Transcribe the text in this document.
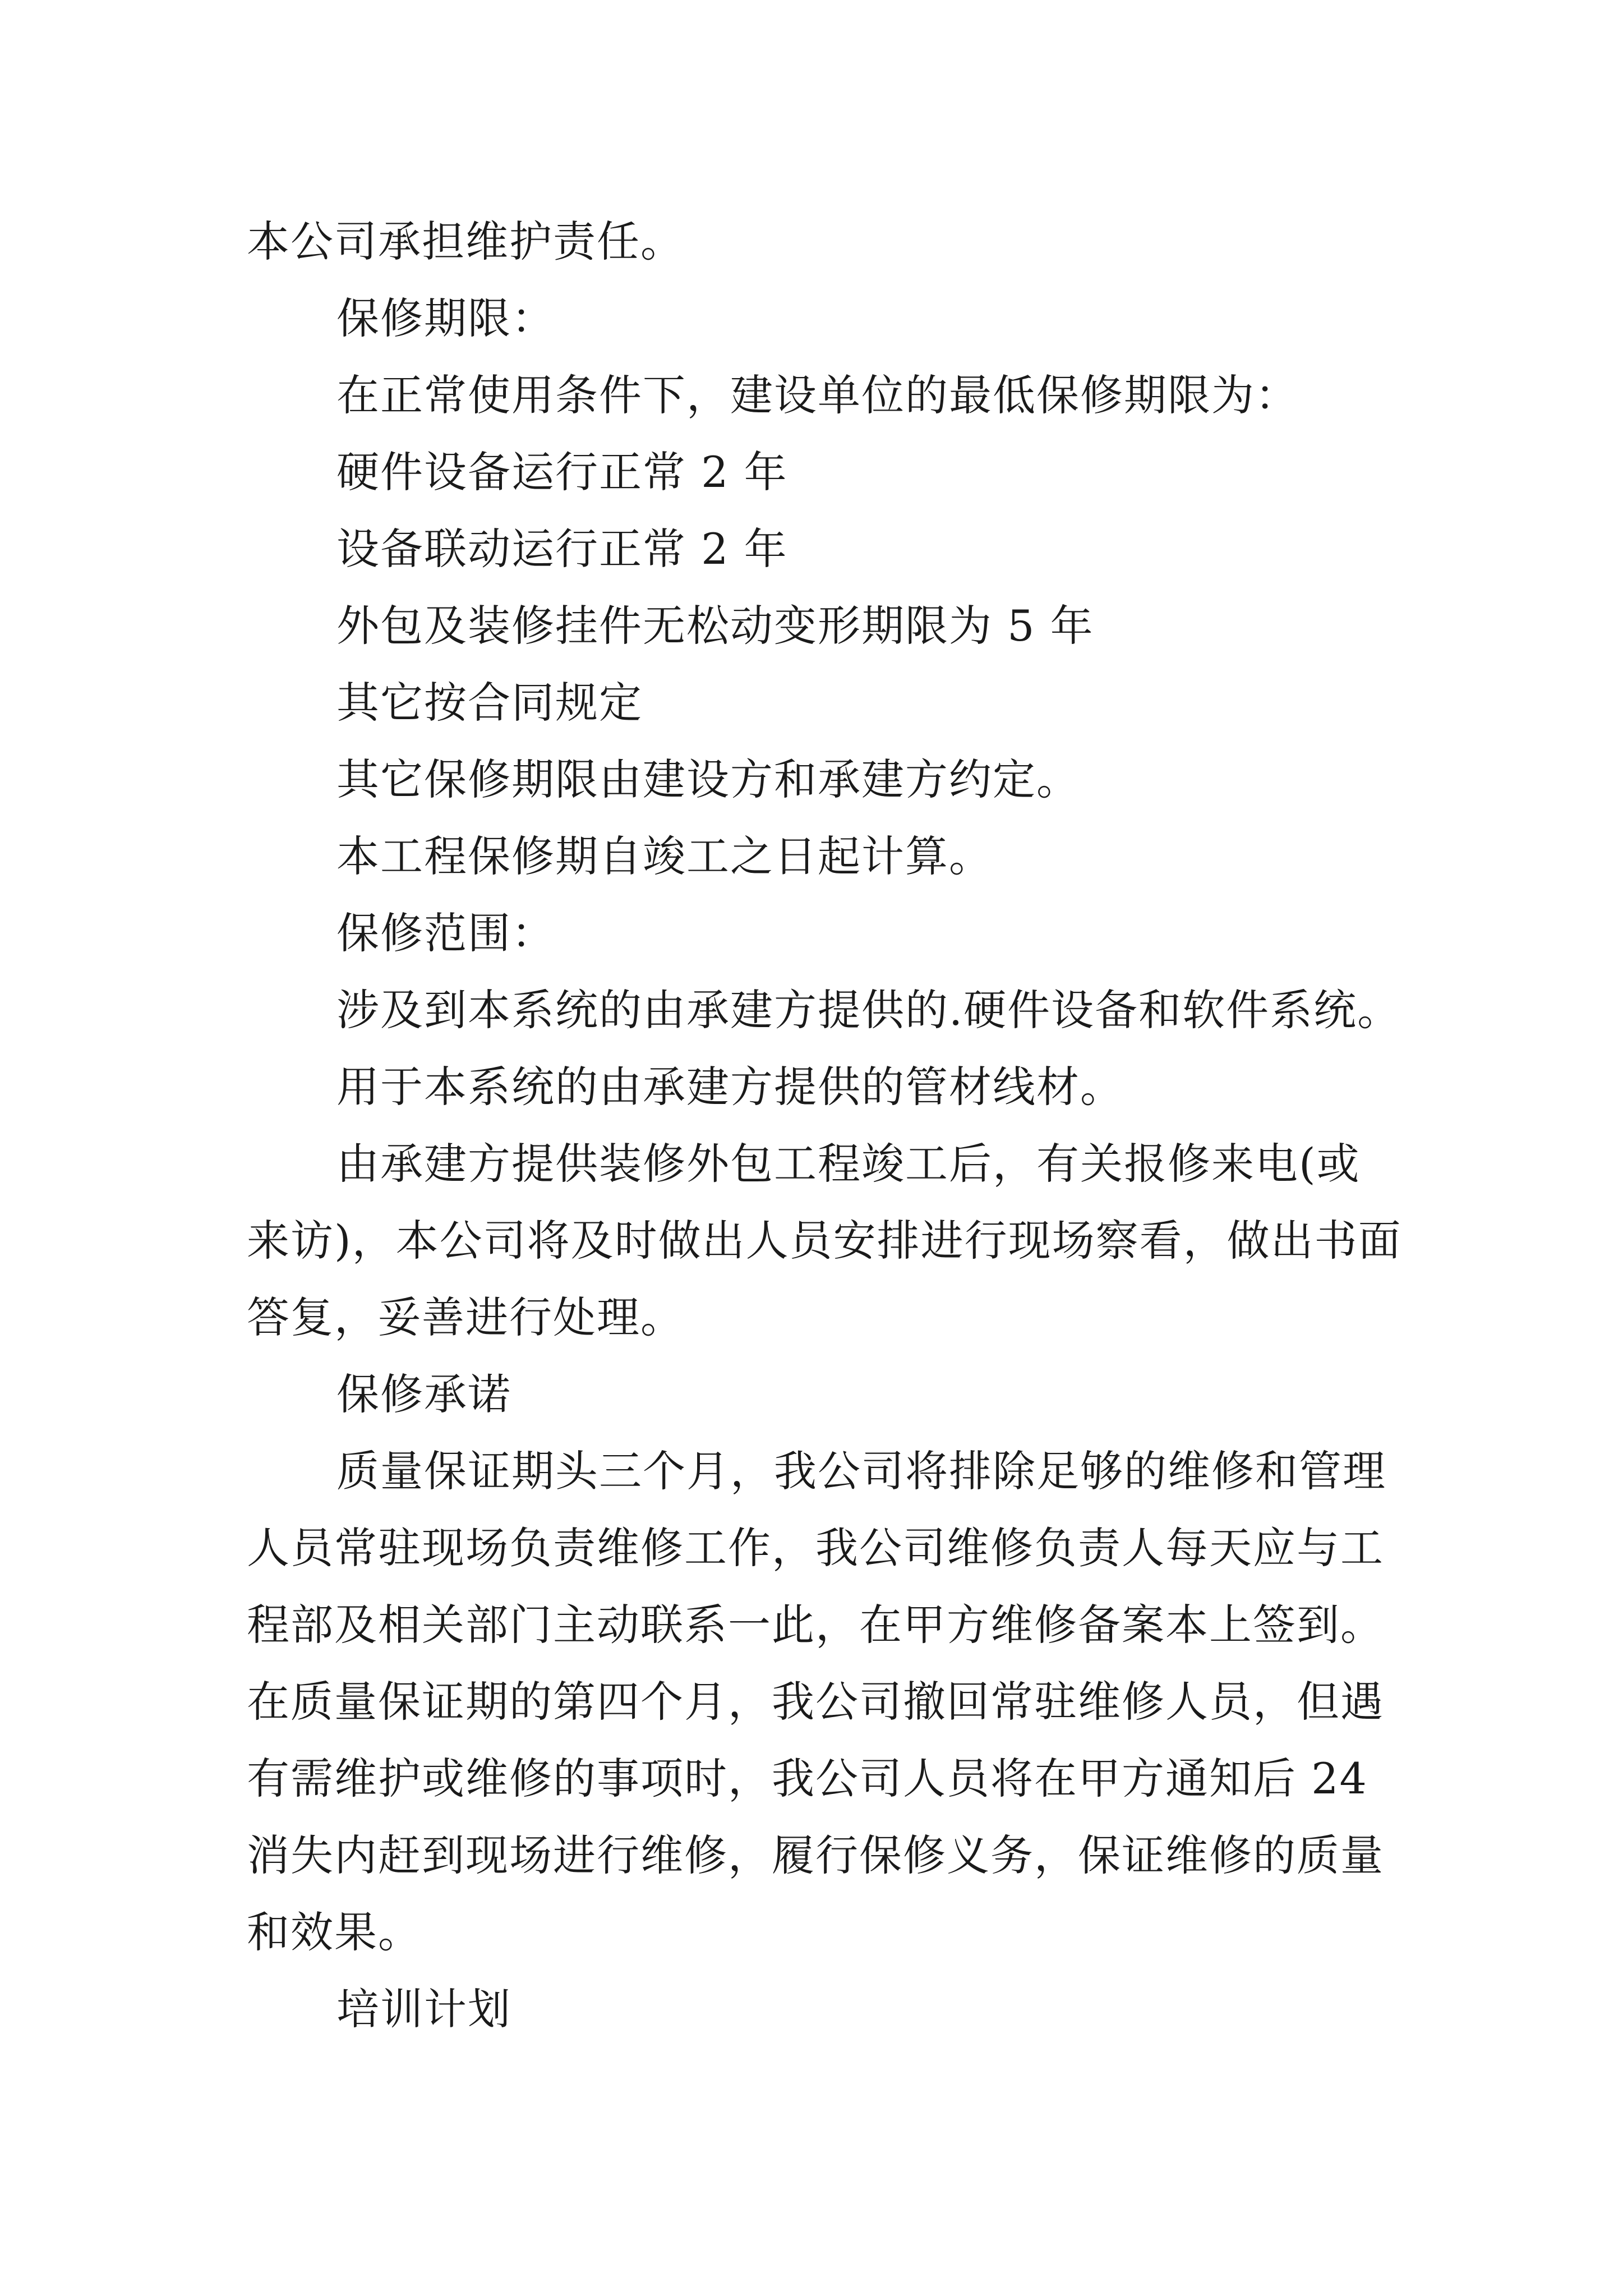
本公司承担维护责任。

保修期限：

在正常使用条件下，建设单位的最低保修期限为：

硬件设备运行正常 2 年

设备联动运行正常 2 年

外包及装修挂件无松动变形期限为 5 年

其它按合同规定

其它保修期限由建设方和承建方约定。

本工程保修期自竣工之日起计算。

保修范围：

涉及到本系统的由承建方提供的.硬件设备和软件系统。

用于本系统的由承建方提供的管材线材。

由承建方提供装修外包工程竣工后，有关报修来电(或来访)，本公司将及时做出人员安排进行现场察看，做出书面答复，妥善进行处理。

保修承诺

质量保证期头三个月，我公司将排除足够的维修和管理人员常驻现场负责维修工作，我公司维修负责人每天应与工程部及相关部门主动联系一此，在甲方维修备案本上签到。在质量保证期的第四个月，我公司撤回常驻维修人员，但遇有需维护或维修的事项时，我公司人员将在甲方通知后 24 消失内赶到现场进行维修，履行保修义务，保证维修的质量和效果。

培训计划
